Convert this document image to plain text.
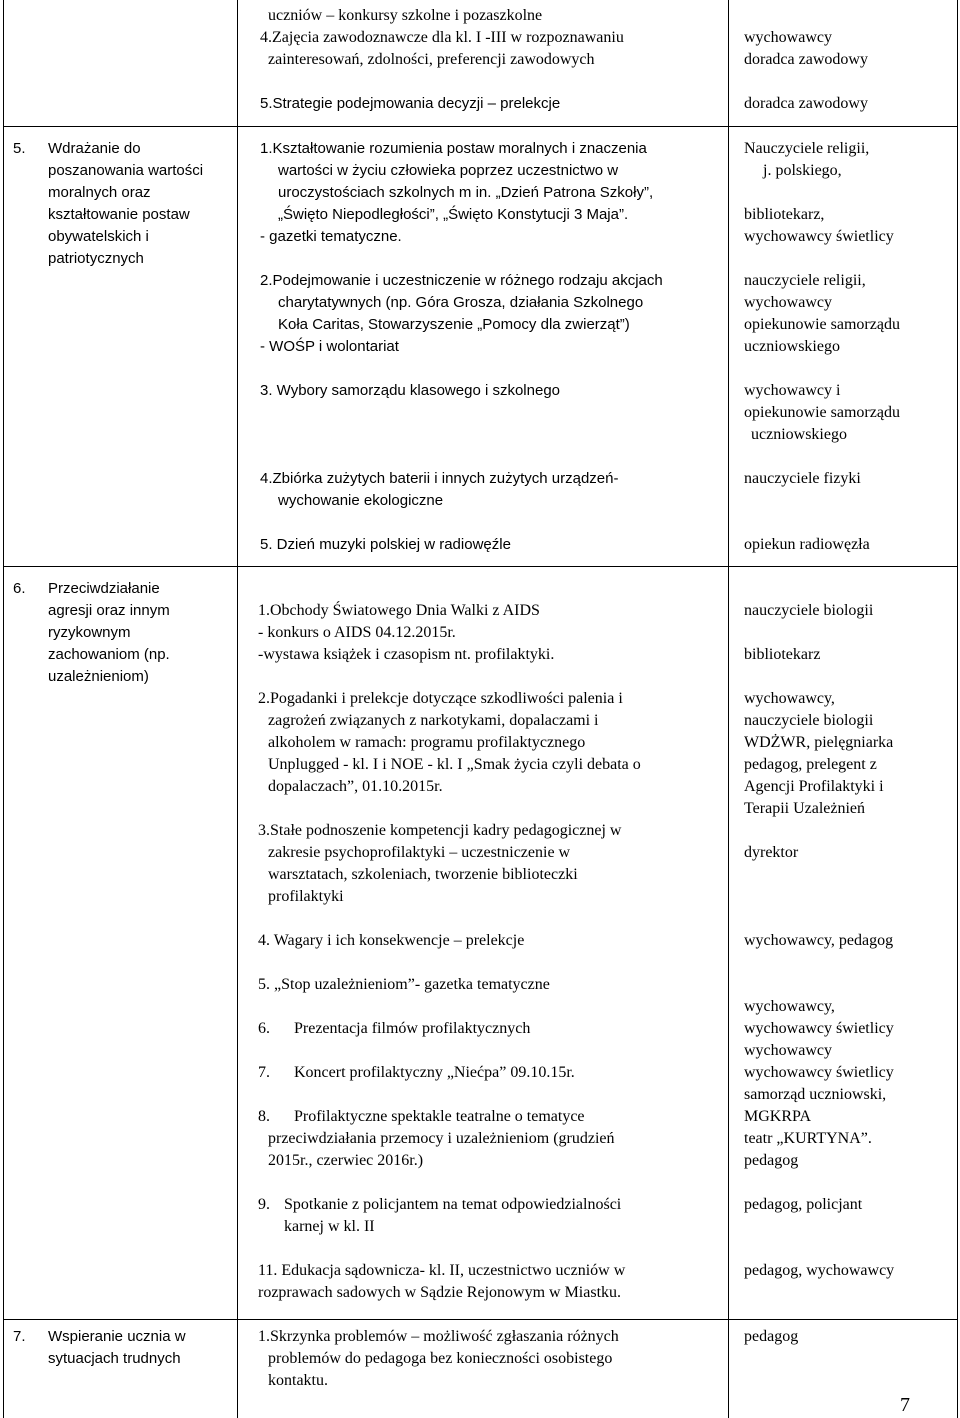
uczniów – konkursy szkolne i pozaszkolne
4.Zajęcia zawodoznawcze dla kl. I -III w rozpoznawaniu
zainteresowań, zdolności, preferencji zawodowych
5.Strategie podejmowania decyzji – prelekcje
wychowawcy
doradca zawodowy
doradca zawodowy
5. Wdrażanie do
poszanowania wartości
moralnych oraz
kształtowanie postaw
obywatelskich i
patriotycznych
1.Kształtowanie rozumienia postaw moralnych i znaczenia
wartości w życiu człowieka poprzez uczestnictwo w
uroczystościach szkolnych m in. „Dzień Patrona Szkoły”,
„Święto Niepodległości”, „Święto Konstytucji 3 Maja”.
- gazetki tematyczne.
2.Podejmowanie i uczestniczenie w różnego rodzaju akcjach
charytatywnych (np. Góra Grosza, działania Szkolnego
Koła Caritas, Stowarzyszenie „Pomocy dla zwierząt”)
- WOŚP i wolontariat
3. Wybory samorządu klasowego i szkolnego
4.Zbiórka zużytych baterii i innych zużytych urządzeń-
wychowanie ekologiczne
5. Dzień muzyki polskiej w radiowęźle
Nauczyciele religii,
j. polskiego,
bibliotekarz,
wychowawcy świetlicy
nauczyciele religii,
wychowawcy
opiekunowie samorządu
uczniowskiego
wychowawcy i
opiekunowie samorządu
uczniowskiego
nauczyciele fizyki
opiekun radiowęzła
6. Przeciwdziałanie
agresji oraz innym
ryzykownym
zachowaniom (np.
uzależnieniom)
1.Obchody Światowego Dnia Walki z AIDS
- konkurs o AIDS 04.12.2015r.
-wystawa książek i czasopism nt. profilaktyki.
2.Pogadanki i prelekcje dotyczące szkodliwości palenia i
zagrożeń związanych z narkotykami, dopalaczami i
alkoholem w ramach: programu profilaktycznego
Unplugged - kl. I i NOE - kl. I „Smak życia czyli debata o
dopalaczach”, 01.10.2015r.
3.Stałe podnoszenie kompetencji kadry pedagogicznej w
zakresie psychoprofilaktyki – uczestniczenie w
warsztatach, szkoleniach, tworzenie biblioteczki
profilaktyki
4. Wagary i ich konsekwencje – prelekcje
5. „Stop uzależnieniom”- gazetka tematyczne
6. Prezentacja filmów profilaktycznych
7. Koncert profilaktyczny „Niećpa” 09.10.15r.
8. Profilaktyczne spektakle teatralne o tematyce
przeciwdziałania przemocy i uzależnieniom (grudzień
2015r., czerwiec 2016r.)
9. Spotkanie z policjantem na temat odpowiedzialności
karnej w kl. II
11. Edukacja sądownicza- kl. II, uczestnictwo uczniów w
rozprawach sadowych w Sądzie Rejonowym w Miastku.
nauczyciele biologii
bibliotekarz
wychowawcy,
nauczyciele biologii
WDŻWR, pielęgniarka
pedagog, prelegent z
Agencji Profilaktyki i
Terapii Uzależnień
dyrektor
wychowawcy, pedagog
wychowawcy,
wychowawcy świetlicy
wychowawcy
wychowawcy świetlicy
samorząd uczniowski,
MGKRPA
teatr „KURTYNA”.
pedagog
pedagog, policjant
pedagog, wychowawcy
7. Wspieranie ucznia w
sytuacjach trudnych
1.Skrzynka problemów – możliwość zgłaszania różnych
problemów do pedagoga bez konieczności osobistego
kontaktu.
pedagog
7
